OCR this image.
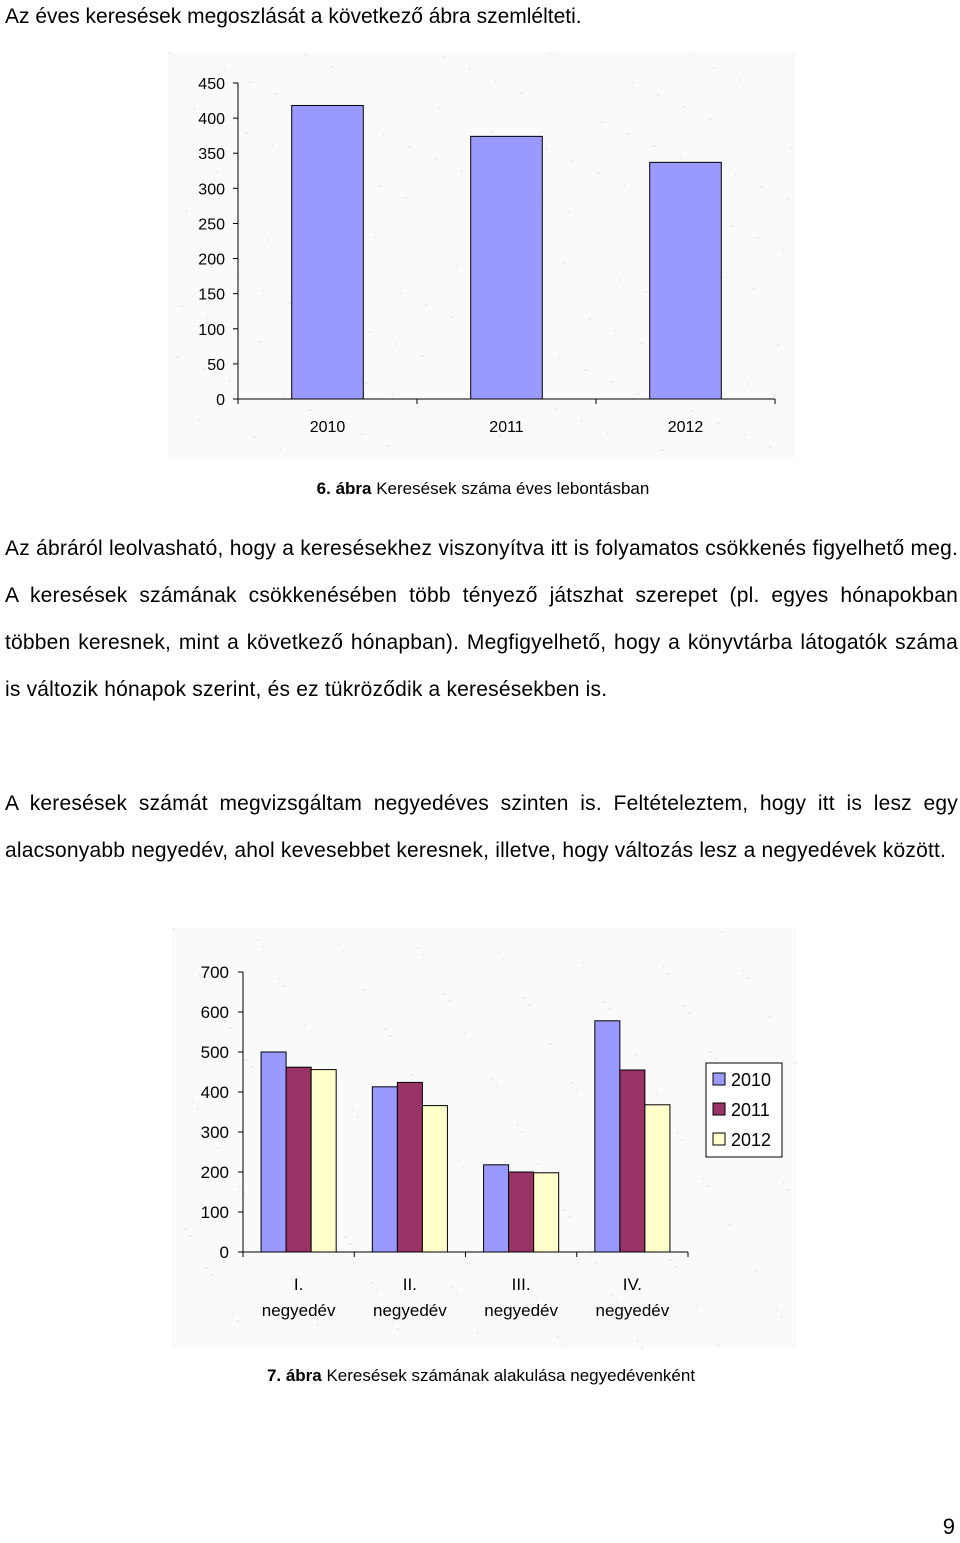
Az éves keresések megoszlását a következő ábra szemlélteti.

0
50
100
150
200
250
300
350
400
450
2010	2011	2012
0
100
200
300
400
500
600
700
I.
negyedév
II.
negyedév
III.
negyedév
IV.
negyedév
2010
2011
2012

6. ábra Keresések száma éves lebontásban

Az ábráról leolvasható, hogy a keresésekhez viszonyítva itt is folyamatos csökkenés figyelhető meg. A keresések számának csökkenésében több tényező játszhat szerepet (pl. egyes hónapokban többen keresnek, mint a következő hónapban). Megfigyelhető, hogy a könyvtárba látogatók száma is változik hónapok szerint, és ez tükröződik a keresésekben is.

A keresések számát megvizsgáltam negyedéves szinten is. Feltételeztem, hogy itt is lesz egy alacsonyabb negyedév, ahol kevesebbet keresnek, illetve, hogy változás lesz a negyedévek között.

7. ábra Keresések számának alakulása negyedévenként

9
